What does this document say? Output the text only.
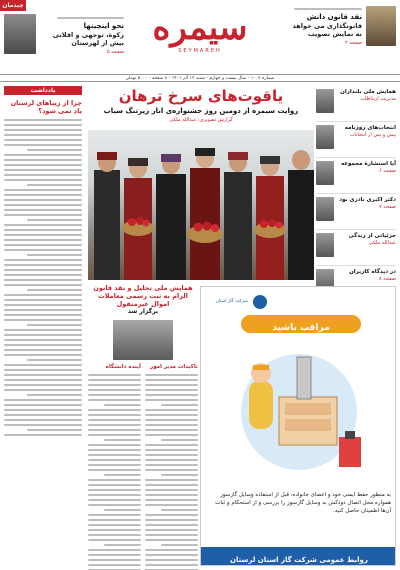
چیدمان
نقد قانون دانش
قانونگذاری می خواهد
نه نمایش تصویب
صفحه ۲
سیمره
SEYMAREH
نحو اینچینها
زکوة، توجهی و اقلانی
بیش از لهرستان
صفحه ۵
شماره ۱۰۰۷ - سال بیست و چهارم - شنبه ۱۲ آذر ۱۴۰۱ - ۸ صفحه - ۵۰۰۰ تومان
یادداشت
چرا از زیبا‌های لرستان یاد نمی شود؟
همایش ملی بلنداران
مدیریت ارتباطات
انتخاب‌های روزنامه
پیش و پس از انتخابات
آیا استشارۀ مجموعه
صفحه ۶
دکتر اکبری نادری بود
صفحه ۷
جزئیاتی از زندگی
عبدالله ملکی
در دیدگاه کاربران
صفحه ۸
یاقوت‌های سرخ ترهان
روایت سیمره از دومین روز جشنواره‌ی انار زیرتنگ سیاب
گزارش تصویری: عبدالله ملکی
همایش ملی تحلیل و نقد قانون الزام به ثبت رسمی معاملات اموال غیرمنقول
برگزار شد
تاکیدات مدیر امور
آینده دانشگاه
شرکت گاز استان
مراقب باشید
به منظور حفظ ایمنی خود و اعضای خانواده، قبل از استفاده وسایل گازسوز همواره محل اتصال دودکش به وسایل گازسوز را بررسی و از استحکام و ثبات آن‌ها اطمینان حاصل کنید.
روابط عمومی شرکت گاز استان لرستان
